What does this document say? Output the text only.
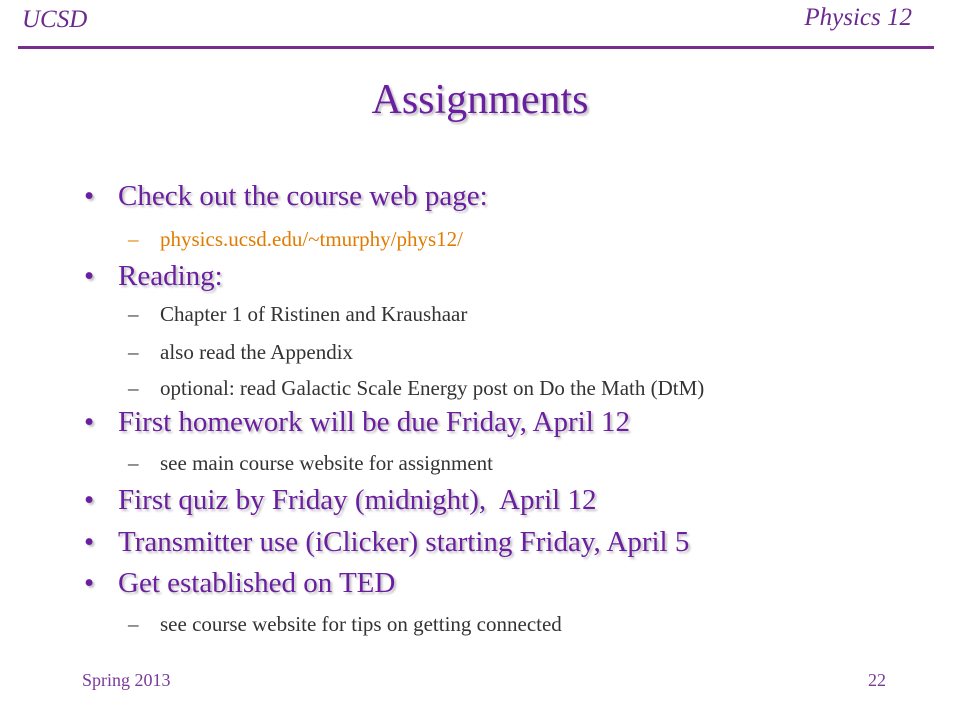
UCSD	Physics 12
Assignments
• Check out the course web page:
– physics.ucsd.edu/~tmurphy/phys12/
• Reading:
– Chapter 1 of Ristinen and Kraushaar
– also read the Appendix
– optional: read Galactic Scale Energy post on Do the Math (DtM)
• First homework will be due Friday, April 12
– see main course website for assignment
• First quiz by Friday (midnight),  April 12
• Transmitter use (iClicker) starting Friday, April 5
• Get established on TED
– see course website for tips on getting connected
Spring 2013	22
